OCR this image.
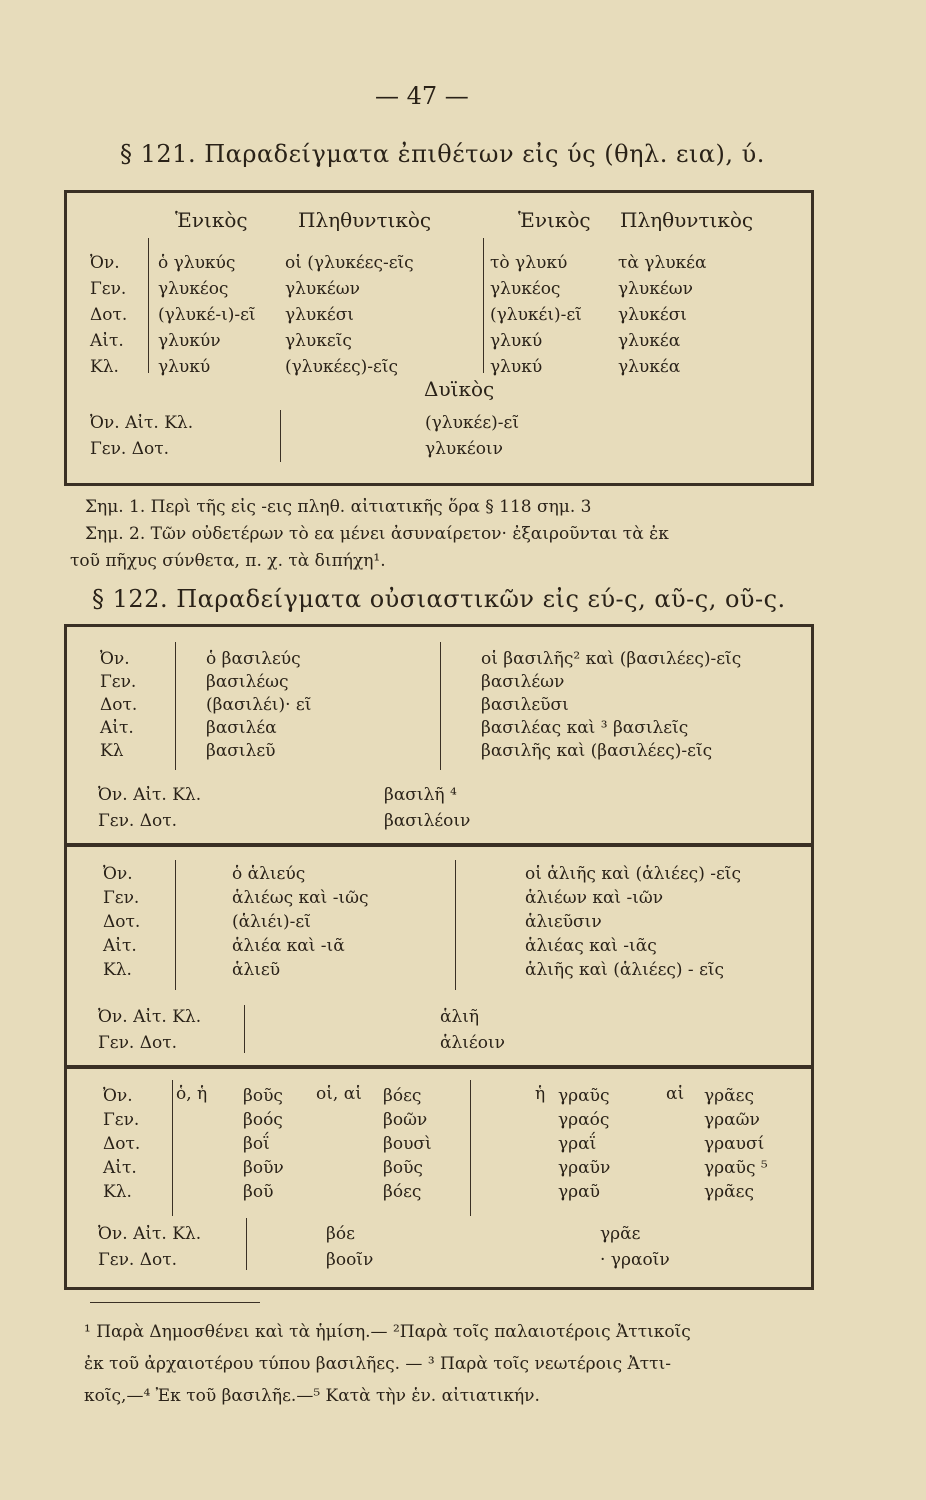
— 47 —
§ 121. Παραδείγματα ἐπιθέτων εἰς ύς (θηλ. εια), ύ.
Ἑνικὸς	Πληθυντικὸς	Ἑνικὸς Πληθυντικὸς
Ὀν.
Γεν.
Δοτ.
Αἰτ.
Κλ.
ὁ γλυκύς
γλυκέος
(γλυκέ-ι)-εῖ
γλυκύν
γλυκύ
οἱ (γλυκέες-εῖς
γλυκέων
γλυκέσι
γλυκεῖς
(γλυκέες)-εῖς
τὸ γλυκύ
γλυκέος
(γλυκέι)-εῖ
γλυκύ
γλυκύ
τὰ γλυκέα
γλυκέων
γλυκέσι
γλυκέα
γλυκέα
Δυϊκὸς
Ὀν. Αἰτ. Κλ.
Γεν. Δοτ.
(γλυκέε)-εῖ
γλυκέοιν
Σημ. 1. Περὶ τῆς εἰς -εις πληθ. αἰτιατικῆς ὅρα § 118 σημ. 3
Σημ. 2. Τῶν οὐδετέρων τὸ εα μένει ἀσυναίρετον· ἐξαιροῦνται τὰ ἐκ
τοῦ πῆχυς σύνθετα, π. χ. τὰ διπήχη¹.
§ 122. Παραδείγματα οὐσιαστικῶν εἰς εύ-ς, αῦ-ς, οῦ-ς.
Ὀν.
Γεν.
Δοτ.
Αἰτ.
Κλ
ὁ βασιλεύς
βασιλέως
(βασιλέι)· εῖ
βασιλέα
βασιλεῦ
οἱ βασιλῆς² καὶ (βασιλέες)-εῖς
βασιλέων
βασιλεῦσι
βασιλέας καὶ ³ βασιλεῖς
βασιλῆς καὶ (βασιλέες)-εῖς
Ὀν. Αἰτ. Κλ.
Γεν. Δοτ.
βασιλῆ ⁴
βασιλέοιν
Ὀν.
Γεν.
Δοτ.
Αἰτ.
Κλ.
ὁ ἁλιεύς
ἁλιέως καὶ -ιῶς
(ἁλιέι)-εῖ
ἁλιέα καὶ -ιᾶ
ἁλιεῦ
οἱ ἁλιῆς καὶ (ἁλιέες) -εῖς
ἁλιέων καὶ -ιῶν
ἁλιεῦσιν
ἁλιέας καὶ -ιᾶς
ἁλιῆς καὶ (ἁλιέες) - εῖς
Ὀν. Αἰτ. Κλ.
Γεν. Δοτ.
ἁλιῆ
ἁλιέοιν
Ὀν.
Γεν.
Δοτ.
Αἰτ.
Κλ.
ὁ, ἡ βοῦς
βοός
βοΐ
βοῦν
βοῦ
οἱ, αἱ βόες
βοῶν
βουσὶ
βοῦς
βόες
ἡ γραῦς
γραός
γραΐ
γραῦν
γραῦ
αἱ γρᾶες
γραῶν
γραυσί
γραῦς ⁵
γρᾶες
Ὀν. Αἰτ. Κλ.
Γεν. Δοτ.
βόε
βοοῖν
γρᾶε
· γραοῖν
¹ Παρὰ Δημοσθένει καὶ τὰ ἡμίση.— ²Παρὰ τοῖς παλαιοτέροις Ἀττικοῖς
ἐκ τοῦ ἀρχαιοτέρου τύπου βασιλῆες. — ³ Παρὰ τοῖς νεωτέροις Ἀττι-
κοῖς,—⁴ Ἐκ τοῦ βασιλῆε.—⁵ Κατὰ τὴν ἑν. αἰτιατικήν.
